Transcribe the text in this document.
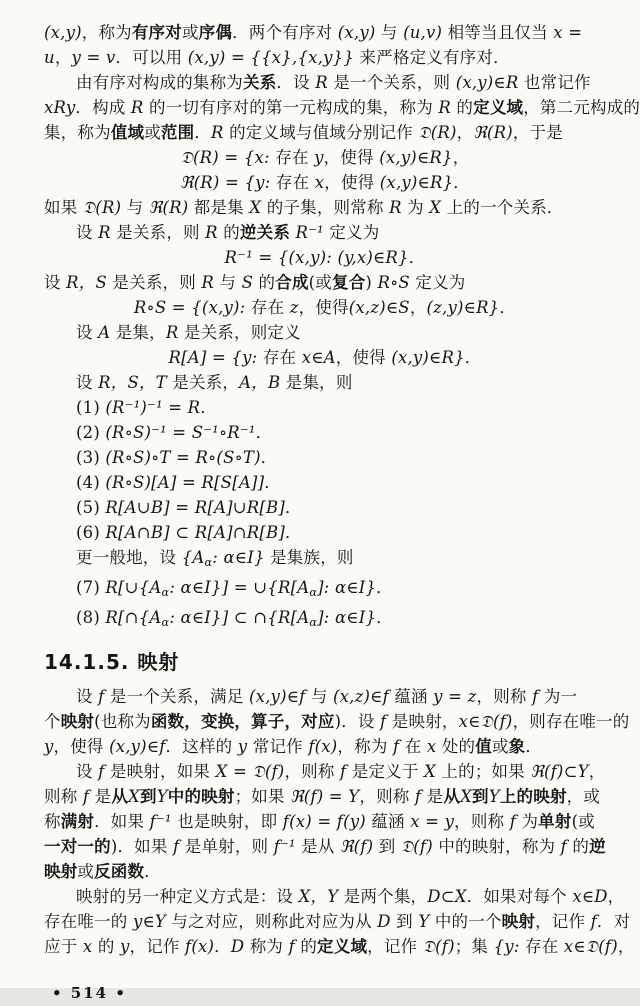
(x,y)，称为有序对或序偶．两个有序对 (x,y) 与 (u,v) 相等当且仅当 x =
u，y = v．可以用 (x,y) = {{x},{x,y}} 来严格定义有序对．
由有序对构成的集称为关系．设 R 是一个关系，则 (x,y)∈R 也常记作
xRy．构成 R 的一切有序对的第一元构成的集，称为 R 的定义域，第二元构成的
集，称为值域或范围．R 的定义域与值域分别记作 𝔇(R)，ℜ(R)，于是
𝔇(R) = {x: 存在 y，使得 (x,y)∈R}，
ℜ(R) = {y: 存在 x，使得 (x,y)∈R}．
如果 𝔇(R) 与 ℜ(R) 都是集 X 的子集，则常称 R 为 X 上的一个关系．
设 R 是关系，则 R 的逆关系 R⁻¹ 定义为
R⁻¹ = {(x,y): (y,x)∈R}．
设 R，S 是关系，则 R 与 S 的合成(或复合) R∘S 定义为
R∘S = {(x,y): 存在 z，使得(x,z)∈S，(z,y)∈R}．
设 A 是集，R 是关系，则定义
R[A] = {y: 存在 x∈A，使得 (x,y)∈R}．
设 R，S，T 是关系，A，B 是集，则
(1) (R⁻¹)⁻¹ = R．
(2) (R∘S)⁻¹ = S⁻¹∘R⁻¹．
(3) (R∘S)∘T = R∘(S∘T)．
(4) (R∘S)[A] = R[S[A]]．
(5) R[A∪B] = R[A]∪R[B]．
(6) R[A∩B] ⊂ R[A]∩R[B]．
更一般地，设 {Aα: α∈I} 是集族，则
(7) R[∪{Aα: α∈I}] = ∪{R[Aα]: α∈I}．
(8) R[∩{Aα: α∈I}] ⊂ ∩{R[Aα]: α∈I}．
14.1.5. 映射
设 f 是一个关系，满足 (x,y)∈f 与 (x,z)∈f 蕴涵 y = z，则称 f 为一
个映射(也称为函数，变换，算子，对应)．设 f 是映射，x∈𝔇(f)，则存在唯一的
y，使得 (x,y)∈f．这样的 y 常记作 f(x)，称为 f 在 x 处的值或象．
设 f 是映射，如果 X = 𝔇(f)，则称 f 是定义于 X 上的；如果 ℜ(f)⊂Y，
则称 f 是从X到Y中的映射；如果 ℜ(f) = Y，则称 f 是从X到Y上的映射，或
称满射．如果 f⁻¹ 也是映射，即 f(x) = f(y) 蕴涵 x = y，则称 f 为单射(或
一对一的)．如果 f 是单射，则 f⁻¹ 是从 ℜ(f) 到 𝔇(f) 中的映射，称为 f 的逆
映射或反函数．
映射的另一种定义方式是：设 X，Y 是两个集，D⊂X．如果对每个 x∈D，
存在唯一的 y∈Y 与之对应，则称此对应为从 D 到 Y 中的一个映射，记作 f．对
应于 x 的 y，记作 f(x)．D 称为 f 的定义域，记作 𝔇(f)；集 {y: 存在 x∈𝔇(f)，
• 514 •
